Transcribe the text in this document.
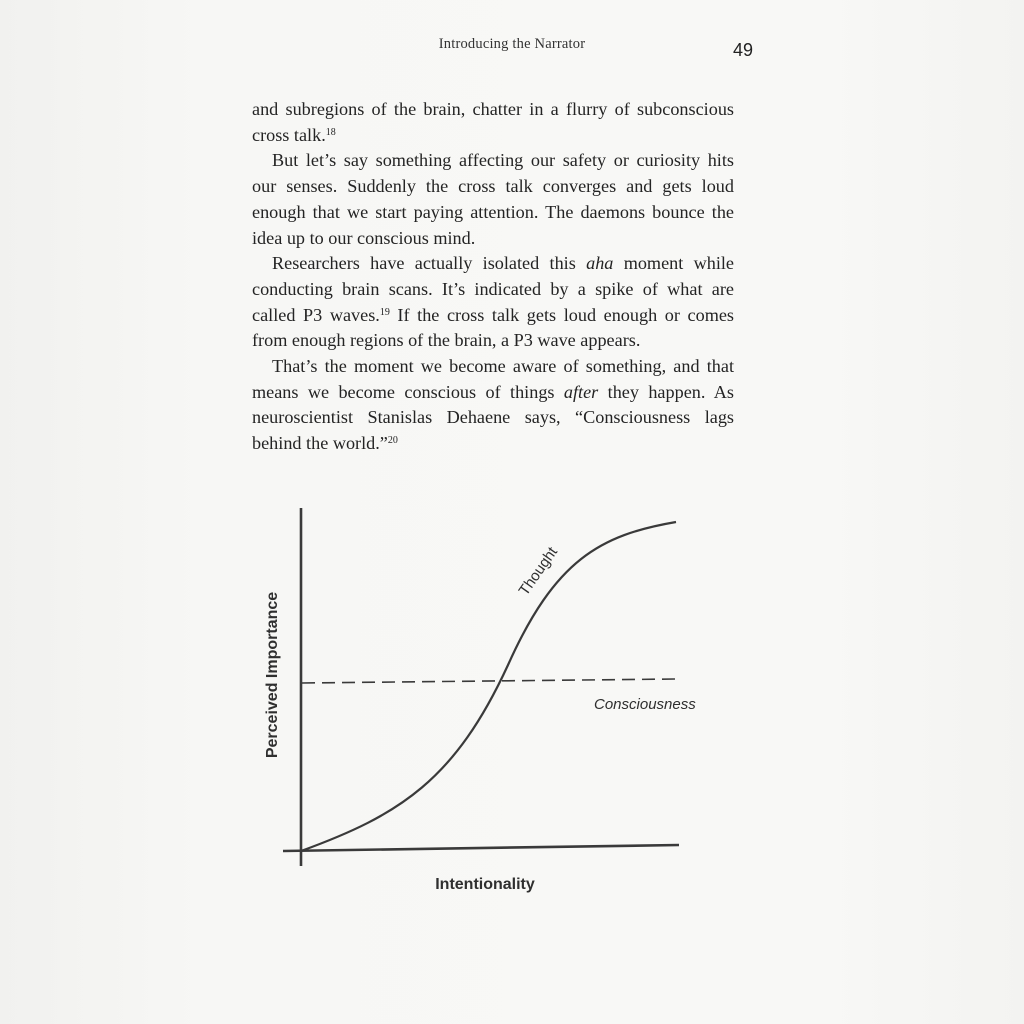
Introducing the Narrator	49

and subregions of the brain, chatter in a flurry of subconscious cross talk.$^{18}$

But let’s say something affecting our safety or curiosity hits our senses. Suddenly the cross talk converges and gets loud enough that we start paying attention. The daemons bounce the idea up to our conscious mind.

Researchers have actually isolated this aha moment while conducting brain scans. It’s indicated by a spike of what are called P3 waves.$^{19}$ If the cross talk gets loud enough or comes from enough regions of the brain, a P3 wave appears.

That’s the moment we become aware of something, and that means we become conscious of things after they happen. As neuroscientist Stanislas Dehaene says, “Consciousness lags behind the world.”$^{20}$

Perceived Importance
Intentionality
Thought
Consciousness
